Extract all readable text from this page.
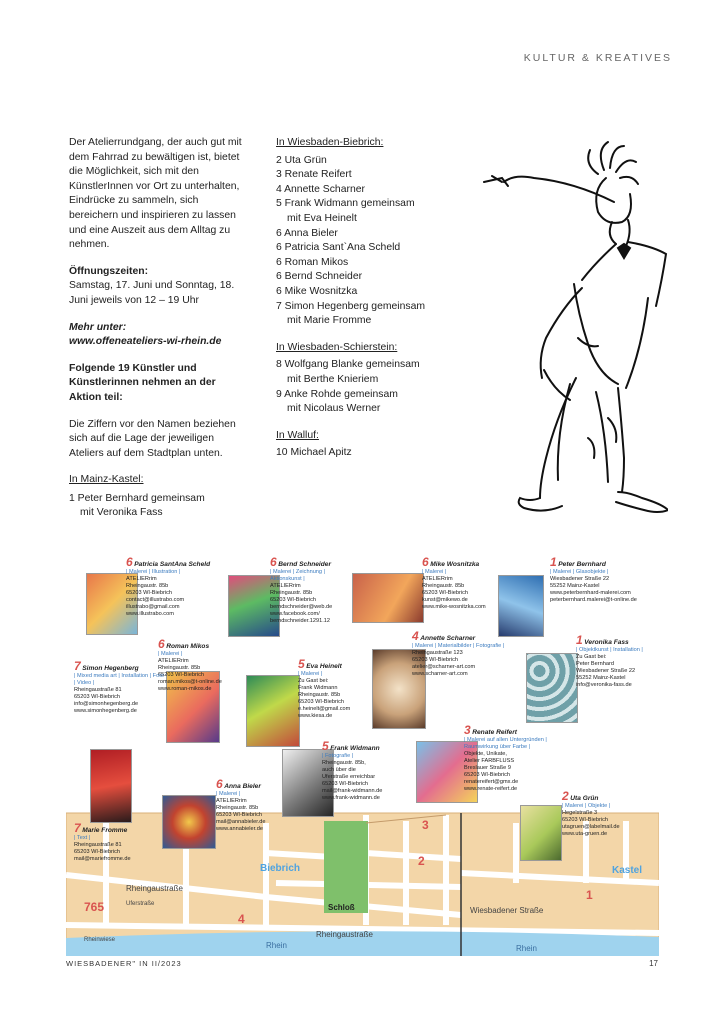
KULTUR & KREATIVES

Der Atelierrundgang, der auch gut mit dem Fahrrad zu bewältigen ist, bietet die Möglichkeit, sich mit den KünstlerInnen vor Ort zu unterhalten, Eindrücke zu sammeln, sich bereichern und inspirieren zu lassen und eine Auszeit aus dem Alltag zu nehmen.

Öffnungszeiten:

Samstag, 17. Juni und Sonntag, 18. Juni jeweils von 12 – 19 Uhr

Mehr unter:

www.offeneateliers-wi-rhein.de

Folgende 19 Künstler und Künstlerinnen nehmen an der Aktion teil:

Die Ziffern vor den Namen beziehen sich auf die Lage der jeweiligen Ateliers auf dem Stadtplan unten.

In Mainz-Kastel:

1 Peter Bernhard gemeinsam

mit Veronika Fass

In Wiesbaden-Biebrich:

2 Uta Grün

3 Renate Reifert

4 Annette Scharner

5 Frank Widmann gemeinsam

mit Eva Heinelt

6 Anna Bieler

6 Patricia Sant`Ana Scheld

6 Roman Mikos

6 Bernd Schneider

6 Mike Wosnitzka

7 Simon Hegenberg gemeinsam

mit Marie Fromme

In Wiesbaden-Schierstein:

8 Wolfgang Blanke gemeinsam

mit Berthe Knieriem

9 Anke Rohde gemeinsam

mit Nicolaus Werner

In Walluf:

10 Michael Apitz

Biebrich	Kastel
Schloß
Rhein	Rhein
Rheingaustraße
Rheingaustraße
Wiesbadener Straße
Uferstraße
Rheinwiese
765
4
3
2
1
6 Patricia SantAna Scheld
| Malerei | Illustration |
ATELIERrim
Rheingaustr. 85b
65203 WI-Biebrich
contact@illustrabo.com
illustrabo@gmail.com
www.illustrabo.com
6 Bernd Schneider
| Malerei | Zeichnung | Aktionskunst |
ATELIERrim
Rheingaustr. 85b
65203 WI-Biebrich
berndschneider@web.de
www.facebook.com/
berndschneider.1291.12
6 Mike Wosnitzka
| Malerei |
ATELIERrim
Rheingaustr. 85b
65203 WI-Biebrich
kunst@mikewo.de
www.mike-wosnitzka.com
1 Peter Bernhard
| Malerei | Glasobjekte |
Wiesbadener Straße 22
55252 Mainz-Kastel
www.peterbernhard-malerei.com
peterbernhard.malerei@t-online.de
6 Roman Mikos
| Malerei |
ATELIERrim
Rheingaustr. 85b
65203 WI-Biebrich
roman.mikos@t-online.de
www.roman-mikos.de
5 Eva Heinelt
| Malerei |
Zu Gast bei:
Frank Widmann
Rheingaustr. 85b
65203 WI-Biebrich
e.heinelt@gmail.com
www.kiesa.de
4 Annette Scharner
| Malerei | Materialbilder | Fotografie |
Rheingaustraße 123
65203 WI-Biebrich
atelier@scharner-art.com
www.scharner-art.com
1 Veronika Fass
| Objektkunst | Installation |
Zu Gast bei:
Peter Bernhard
Wiesbadener Straße 22
55252 Mainz-Kastel
info@veronika-fass.de
7 Simon Hegenberg
| Mixed media art | Installation | Foto | Video |
Rheingaustraße 81
65203 WI-Biebrich
info@simonhegenberg.de
www.simonhegenberg.de
5 Frank Widmann
| Fotografie |
Rheingaustr. 85b,
auch über die
Uferstraße erreichbar
65203 WI-Biebrich
mail@frank-widmann.de
www.frank-widmann.de
3 Renate Reifert
| Malerei auf allen Untergründen | Raumwirkung über Farbe |
Objekte, Unikate,
Atelier FARBFLUSS
Breslauer Straße 9
65203 WI-Biebrich
renatereifert@gmx.de
www.renate-reifert.de
6 Anna Bieler
| Malerei |
ATELIERrim
Rheingaustr. 85b
65203 WI-Biebrich
mail@annabieler.de
www.annabieler.de
2 Uta Grün
| Malerei | Objekte |
Hegelstraße 3
65203 WI-Biebrich
utagruen@labelmail.de
www.uta-gruen.de
7 Marie Fromme
| Text |
Rheingaustraße 81
65203 WI-Biebrich
mail@mariefromme.de
WIESBADENER" IN II/2023	17
